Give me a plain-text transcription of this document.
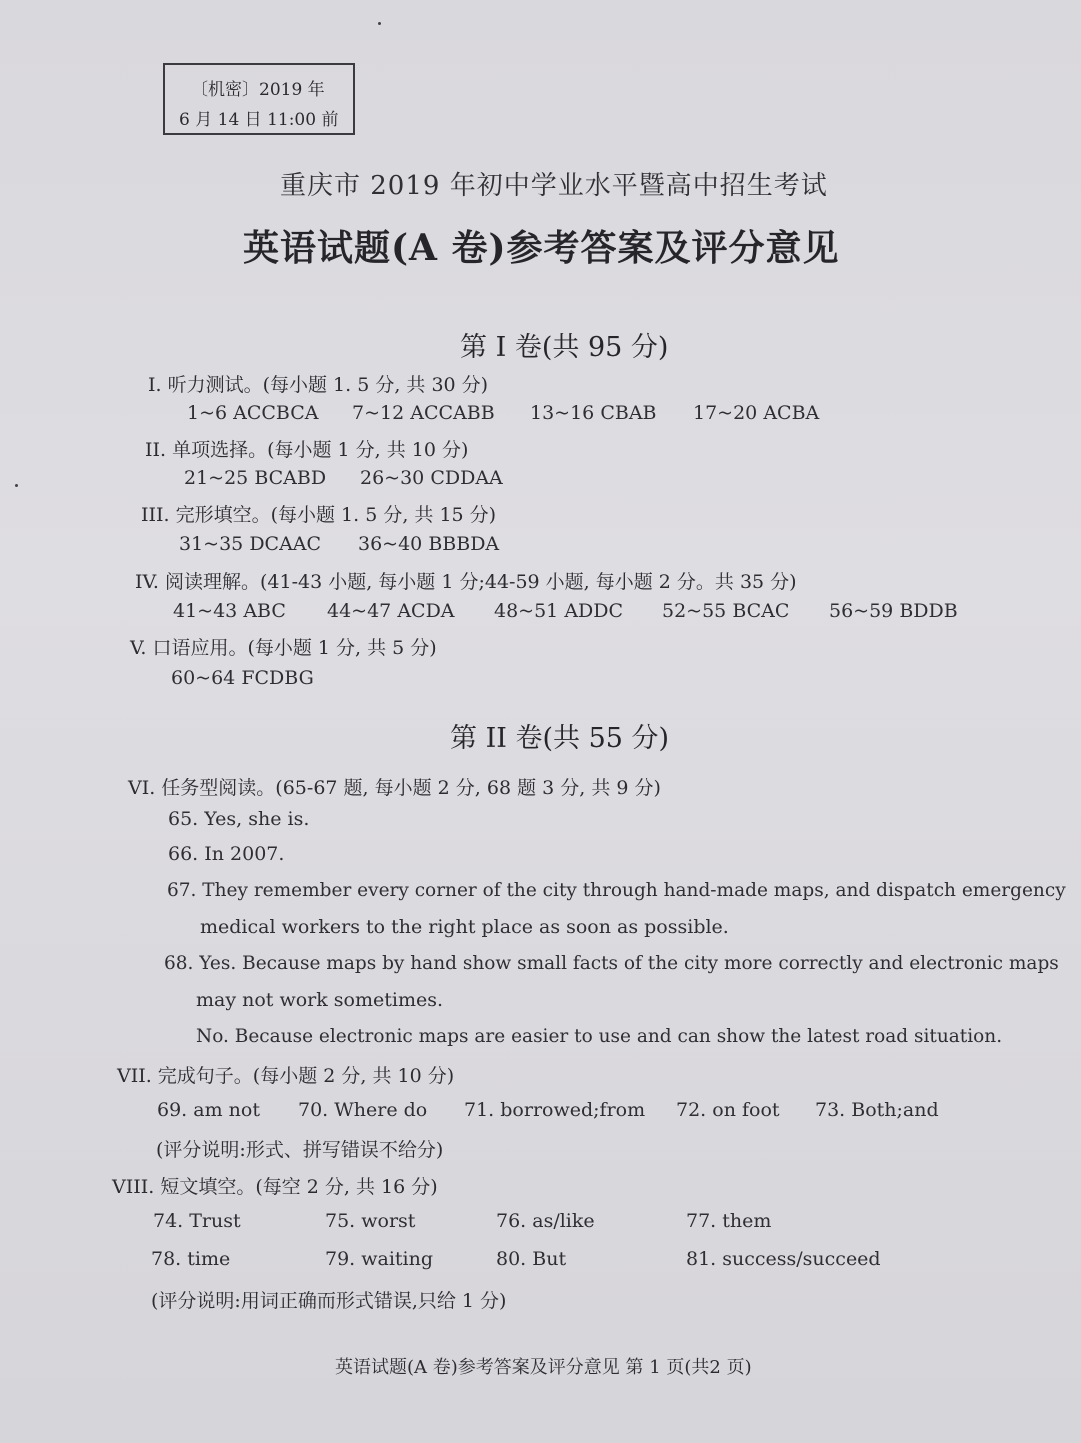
〔机密〕2019 年
6 月 14 日 11:00 前
重庆市 2019 年初中学业水平暨高中招生考试
英语试题(A 卷)参考答案及评分意见
第 I 卷(共 95 分)
I. 听力测试。(每小题 1. 5 分, 共 30 分)
1~6 ACCBCA 7~12 ACCABB 13~16 CBAB 17~20 ACBA
II. 单项选择。(每小题 1 分, 共 10 分)
21~25 BCABD 26~30 CDDAA
III. 完形填空。(每小题 1. 5 分, 共 15 分)
31~35 DCAAC 36~40 BBBDA
IV. 阅读理解。(41-43 小题, 每小题 1 分;44-59 小题, 每小题 2 分。共 35 分)
41~43 ABC 44~47 ACDA 48~51 ADDC 52~55 BCAC 56~59 BDDB
V. 口语应用。(每小题 1 分, 共 5 分)
60~64 FCDBG
第 II 卷(共 55 分)
VI. 任务型阅读。(65-67 题, 每小题 2 分, 68 题 3 分, 共 9 分)
65. Yes, she is.
66. In 2007.
67. They remember every corner of the city through hand-made maps, and dispatch emergency
medical workers to the right place as soon as possible.
68. Yes. Because maps by hand show small facts of the city more correctly and electronic maps
may not work sometimes.
No. Because electronic maps are easier to use and can show the latest road situation.
VII. 完成句子。(每小题 2 分, 共 10 分)
69. am not 70. Where do 71. borrowed;from 72. on foot 73. Both;and
(评分说明:形式、拼写错误不给分)
VIII. 短文填空。(每空 2 分, 共 16 分)
74. Trust	75. worst	76. as/like	77. them
78. time	79. waiting	80. But	81. success/succeed
(评分说明:用词正确而形式错误,只给 1 分)
英语试题(A 卷)参考答案及评分意见 第 1 页(共2 页)
